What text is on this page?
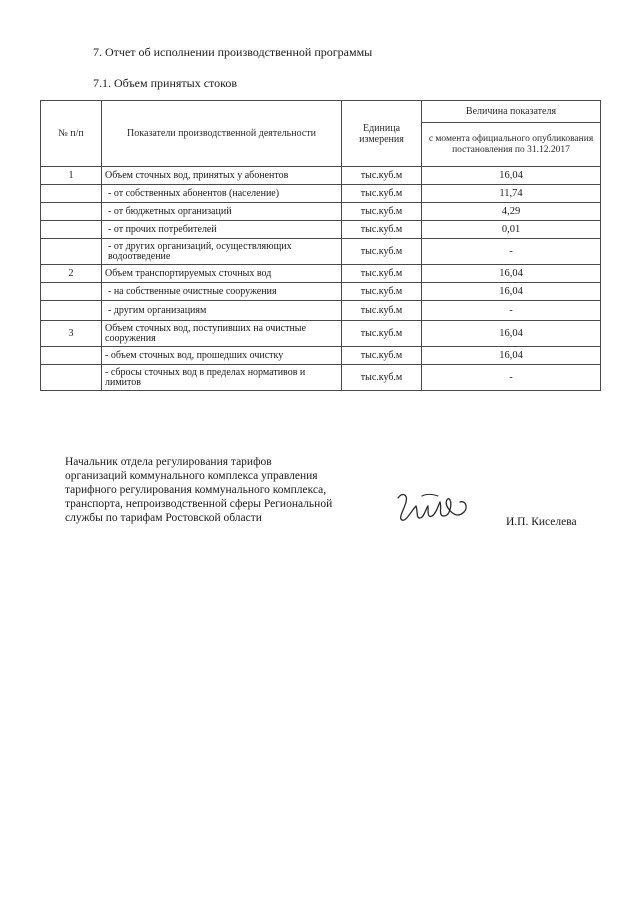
7. Отчет об исполнении производственной программы
7.1. Объем принятых стоков
№ п/п	Показатели производственной деятельности	Единица измерения	Величина показателя
			с момента официального опубликования постановления по 31.12.2017
1	Объем сточных вод, принятых у абонентов	тыс.куб.м	16,04
	- от собственных абонентов (население)	тыс.куб.м	11,74
	- от бюджетных организаций	тыс.куб.м	4,29
	- от прочих потребителей	тыс.куб.м	0,01
	- от других организаций, осуществляющих водоотведение	тыс.куб.м	-
2	Объем транспортируемых сточных вод	тыс.куб.м	16,04
	- на собственные очистные сооружения	тыс.куб.м	16,04
	- другим организациям	тыс.куб.м	-
3	Объем сточных вод, поступивших на очистные сооружения	тыс.куб.м	16,04
	- объем сточных вод, прошедших очистку	тыс.куб.м	16,04
	- сбросы сточных вод в пределах нормативов и лимитов	тыс.куб.м	-
Начальник отдела регулирования тарифов
организаций коммунального комплекса управления
тарифного регулирования коммунального комплекса,
транспорта, непроизводственной сферы Региональной
службы по тарифам Ростовской области	И.П. Киселева
